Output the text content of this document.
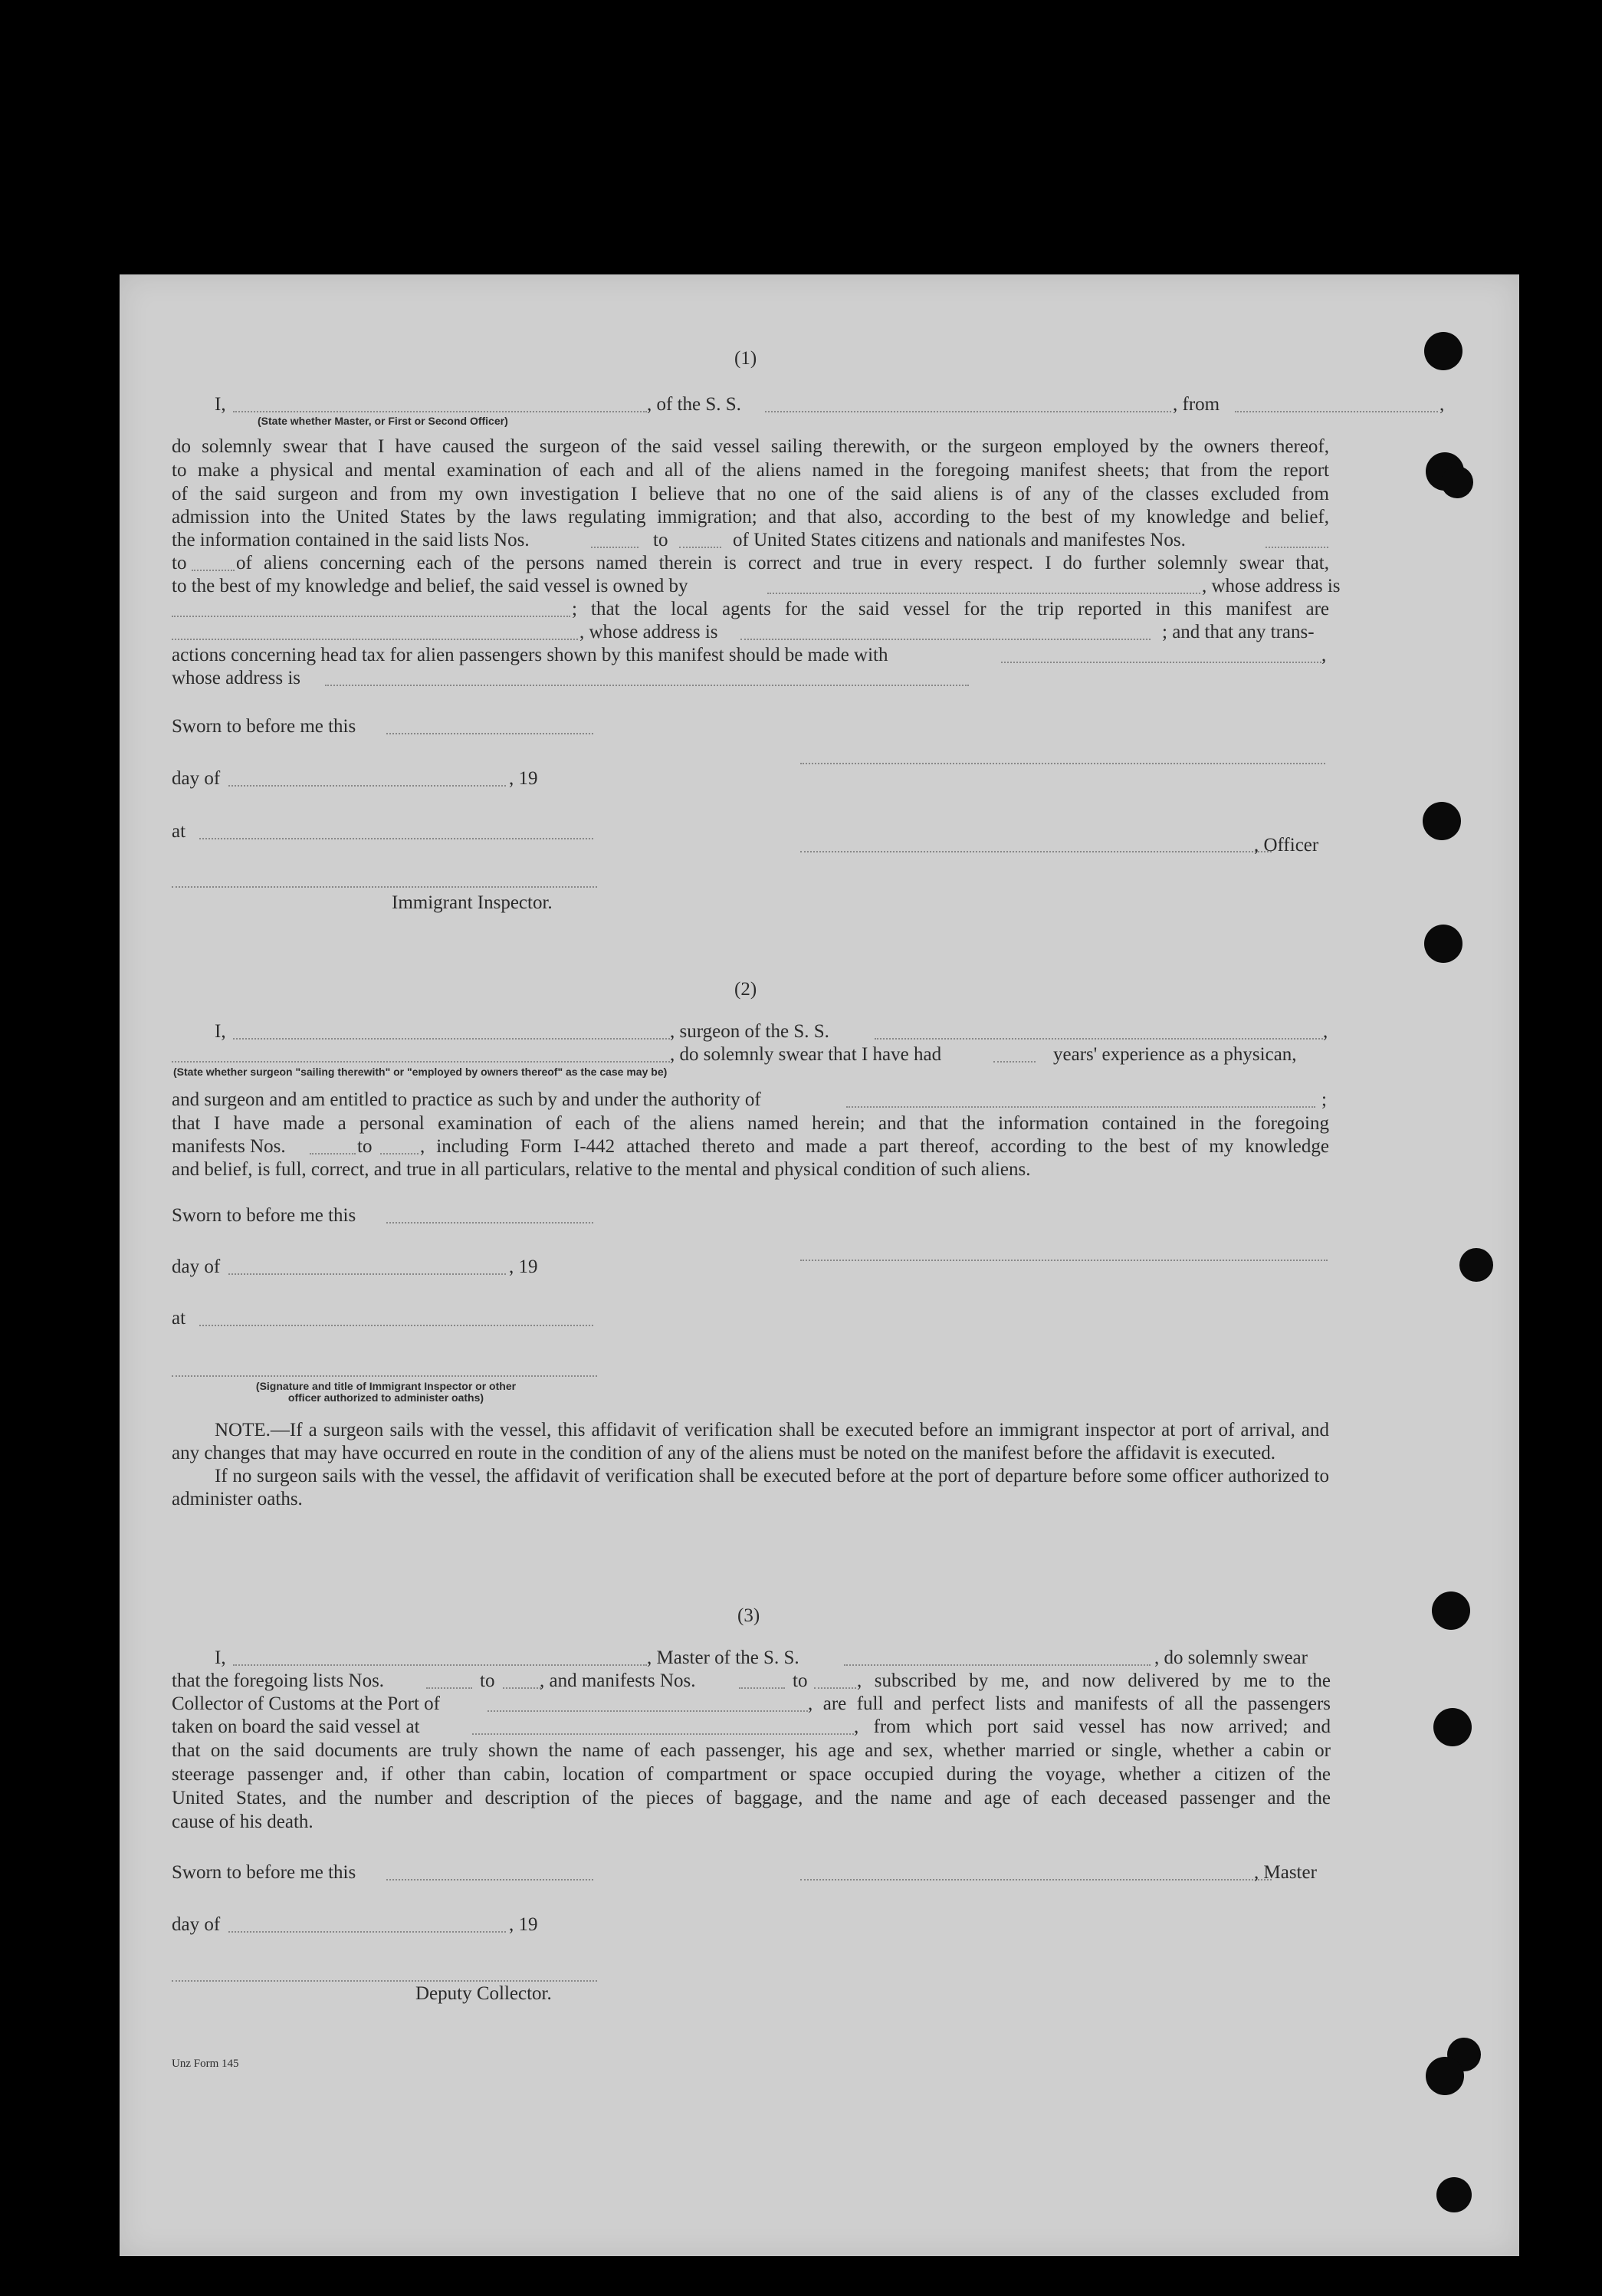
(1)
I,	, of the S. S.	, from	,
(State whether Master, or First or Second Officer)
do solemnly swear that I have caused the surgeon of the said vessel sailing therewith, or the surgeon employed by the owners thereof,
to make a physical and mental examination of each and all of the aliens named in the foregoing manifest sheets; that from the report
of the said surgeon and from my own investigation I believe that no one of the said aliens is of any of the classes excluded from
admission into the United States by the laws regulating immigration; and that also, according to the best of my knowledge and belief,
the information contained in the said lists Nos.	to	of United States citizens and nationals and manifestes Nos.
to	of aliens concerning each of the persons named therein is correct and true in every respect. I do further solemnly swear that,
to the best of my knowledge and belief, the said vessel is owned by	, whose address is
; that the local agents for the said vessel for the trip reported in this manifest are
, whose address is	; and that any trans-
actions concerning head tax for alien passengers shown by this manifest should be made with	,
whose address is
Sworn to before me this
day of	, 19
at
, Officer
Immigrant Inspector.
(2)
I,	, surgeon of the S. S.	,
, do solemnly swear that I have had	years' experience as a physican,
(State whether surgeon "sailing therewith" or "employed by owners thereof" as the case may be)
and surgeon and am entitled to practice as such by and under the authority of	;
that I have made a personal examination of each of the aliens named herein; and that the information contained in the foregoing
manifests Nos.	to	, including Form I-442 attached thereto and made a part thereof, according to the best of my knowledge
and belief, is full, correct, and true in all particulars, relative to the mental and physical condition of such aliens.
Sworn to before me this
day of	, 19
at
(Signature and title of Immigrant Inspector or other
officer authorized to administer oaths)

NOTE.—If a surgeon sails with the vessel, this affidavit of verification shall be executed before an immigrant inspector at port of arrival, and any changes that may have occurred en route in the condition of any of the aliens must be noted on the manifest before the affidavit is executed.

If no surgeon sails with the vessel, the affidavit of verification shall be executed before at the port of departure before some officer authorized to administer oaths.

(3)
I,	, Master of the S. S.	, do solemnly swear
that the foregoing lists Nos.	to , and manifests Nos.	to	, subscribed by me, and now delivered by me to the
Collector of Customs at the Port of	, are full and perfect lists and manifests of all the passengers
taken on board the said vessel at	, from which port said vessel has now arrived; and
that on the said documents are truly shown the name of each passenger, his age and sex, whether married or single, whether a cabin or
steerage passenger and, if other than cabin, location of compartment or space occupied during the voyage, whether a citizen of the
United States, and the number and description of the pieces of baggage, and the name and age of each deceased passenger and the
cause of his death.
Sworn to before me this	, Master
day of	, 19
Deputy Collector.
Unz Form 145
